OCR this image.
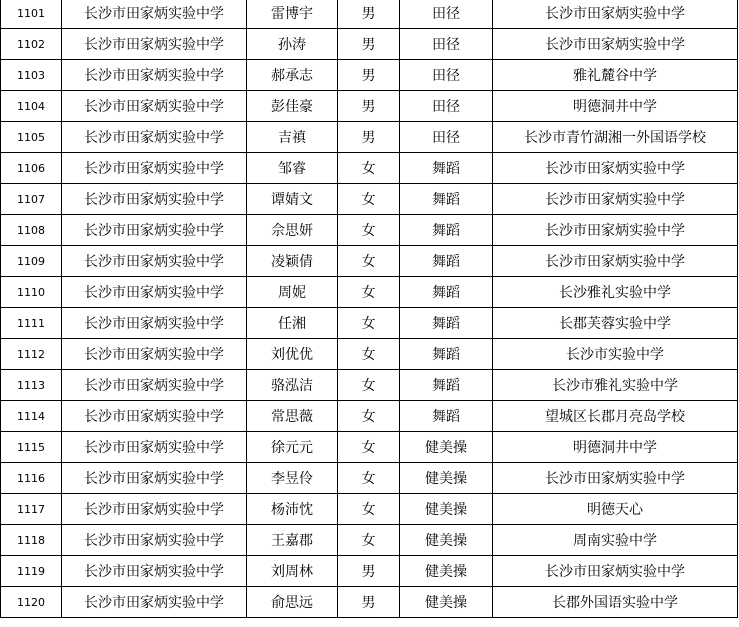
1101	长沙市田家炳实验中学	雷博宇	男	田径	长沙市田家炳实验中学
1102	长沙市田家炳实验中学	孙涛	男	田径	长沙市田家炳实验中学
1103	长沙市田家炳实验中学	郝承志	男	田径	雅礼麓谷中学
1104	长沙市田家炳实验中学	彭佳豪	男	田径	明德洞井中学
1105	长沙市田家炳实验中学	吉禛	男	田径	长沙市青竹湖湘一外国语学校
1106	长沙市田家炳实验中学	邹睿	女	舞蹈	长沙市田家炳实验中学
1107	长沙市田家炳实验中学	谭婧文	女	舞蹈	长沙市田家炳实验中学
1108	长沙市田家炳实验中学	佘思妍	女	舞蹈	长沙市田家炳实验中学
1109	长沙市田家炳实验中学	凌颖倩	女	舞蹈	长沙市田家炳实验中学
1110	长沙市田家炳实验中学	周妮	女	舞蹈	长沙雅礼实验中学
1111	长沙市田家炳实验中学	任湘	女	舞蹈	长郡芙蓉实验中学
1112	长沙市田家炳实验中学	刘优优	女	舞蹈	长沙市实验中学
1113	长沙市田家炳实验中学	骆泓洁	女	舞蹈	长沙市雅礼实验中学
1114	长沙市田家炳实验中学	常思薇	女	舞蹈	望城区长郡月亮岛学校
1115	长沙市田家炳实验中学	徐元元	女	健美操	明德洞井中学
1116	长沙市田家炳实验中学	李昱伶	女	健美操	长沙市田家炳实验中学
1117	长沙市田家炳实验中学	杨沛忱	女	健美操	明德天心
1118	长沙市田家炳实验中学	王嘉郡	女	健美操	周南实验中学
1119	长沙市田家炳实验中学	刘周林	男	健美操	长沙市田家炳实验中学
1120	长沙市田家炳实验中学	俞思远	男	健美操	长郡外国语实验中学
